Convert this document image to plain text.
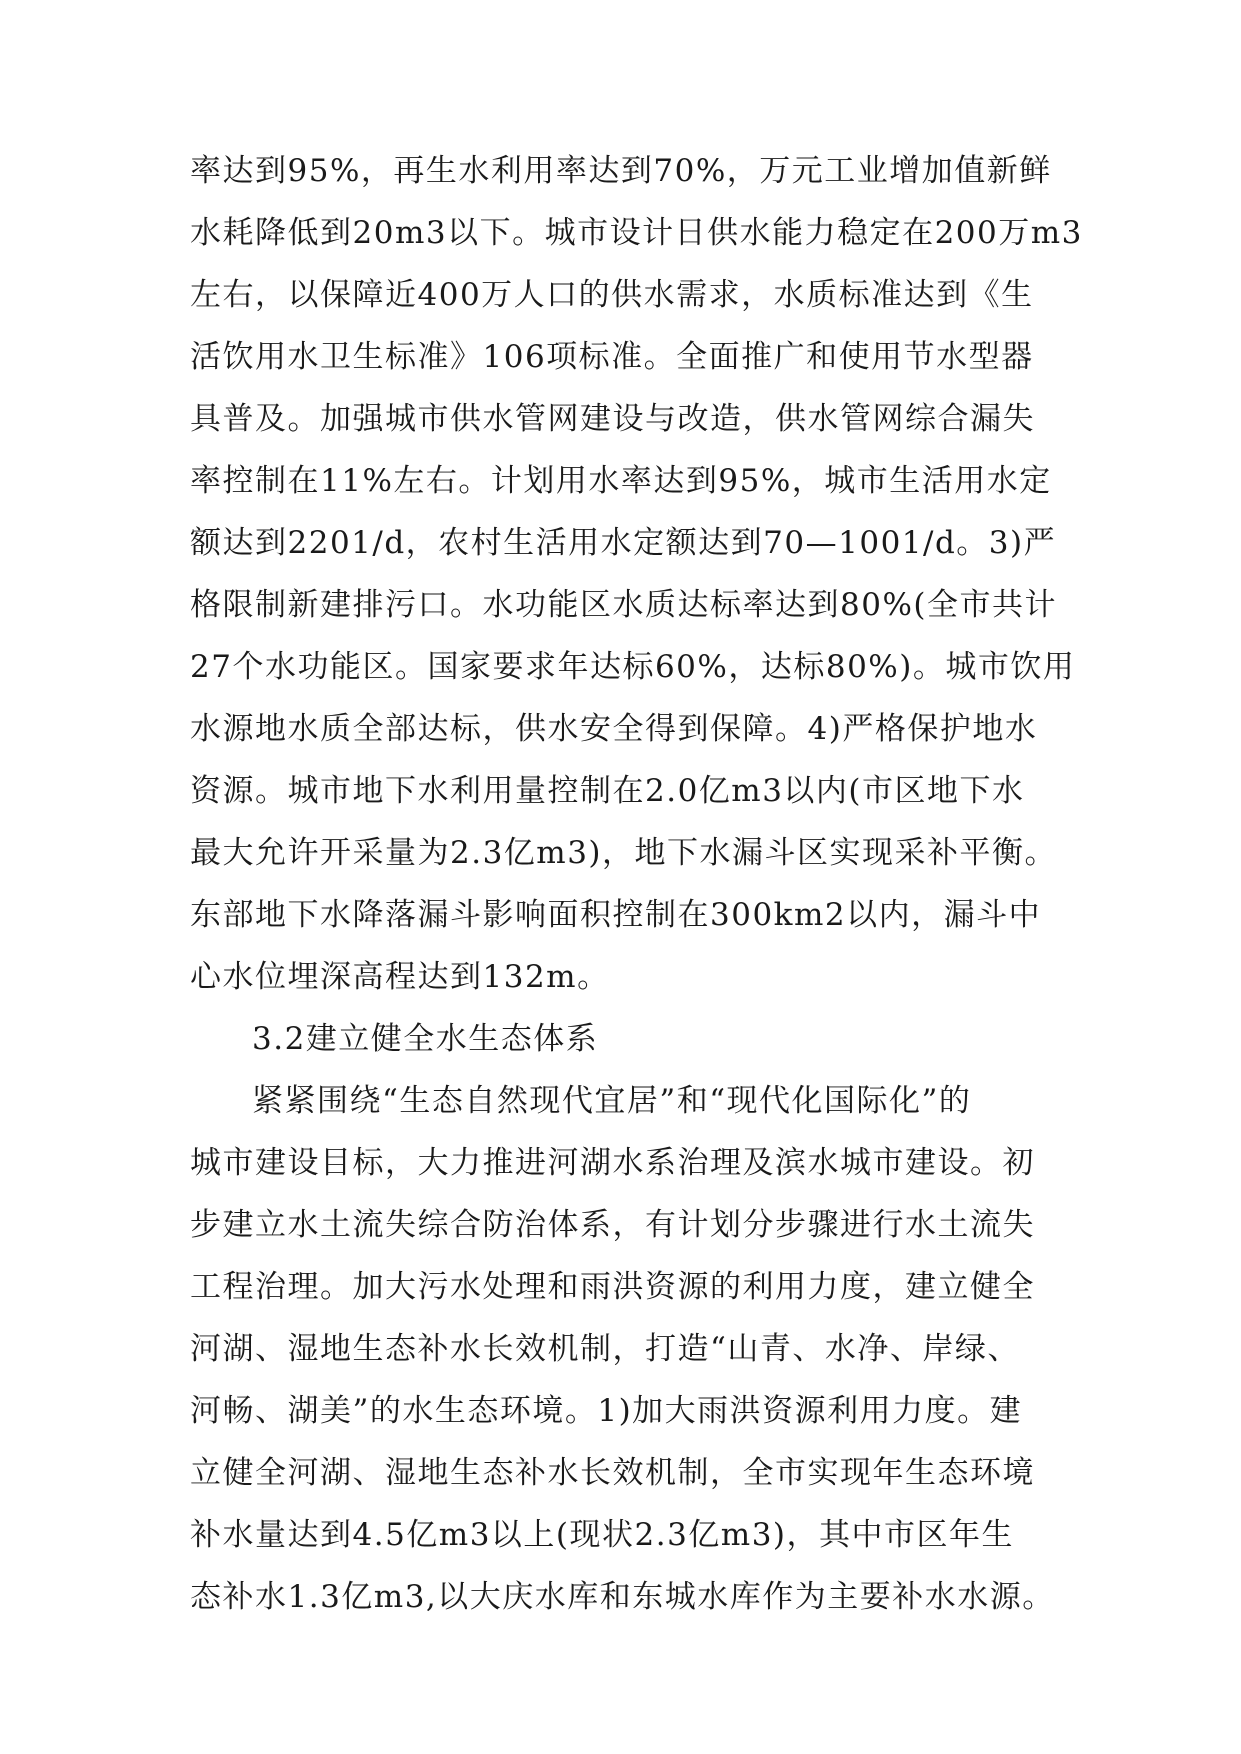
率达到95%，再生水利用率达到70%，万元工业增加值新鲜
水耗降低到20m3以下。城市设计日供水能力稳定在200万m3
左右，以保障近400万人口的供水需求，水质标准达到《生
活饮用水卫生标准》106项标准。全面推广和使用节水型器
具普及。加强城市供水管网建设与改造，供水管网综合漏失
率控制在11%左右。计划用水率达到95%，城市生活用水定
额达到2201/d，农村生活用水定额达到70—1001/d。3)严
格限制新建排污口。水功能区水质达标率达到80%(全市共计
27个水功能区。国家要求年达标60%，达标80%)。城市饮用
水源地水质全部达标，供水安全得到保障。4)严格保护地水
资源。城市地下水利用量控制在2.0亿m3以内(市区地下水
最大允许开采量为2.3亿m3)，地下水漏斗区实现采补平衡。
东部地下水降落漏斗影响面积控制在300km2以内，漏斗中
心水位埋深高程达到132m。
3.2建立健全水生态体系
紧紧围绕“生态自然现代宜居”和“现代化国际化”的
城市建设目标，大力推进河湖水系治理及滨水城市建设。初
步建立水土流失综合防治体系，有计划分步骤进行水土流失
工程治理。加大污水处理和雨洪资源的利用力度，建立健全
河湖、湿地生态补水长效机制，打造“山青、水净、岸绿、
河畅、湖美”的水生态环境。1)加大雨洪资源利用力度。建
立健全河湖、湿地生态补水长效机制，全市实现年生态环境
补水量达到4.5亿m3以上(现状2.3亿m3)，其中市区年生
态补水1.3亿m3,以大庆水库和东城水库作为主要补水水源。
